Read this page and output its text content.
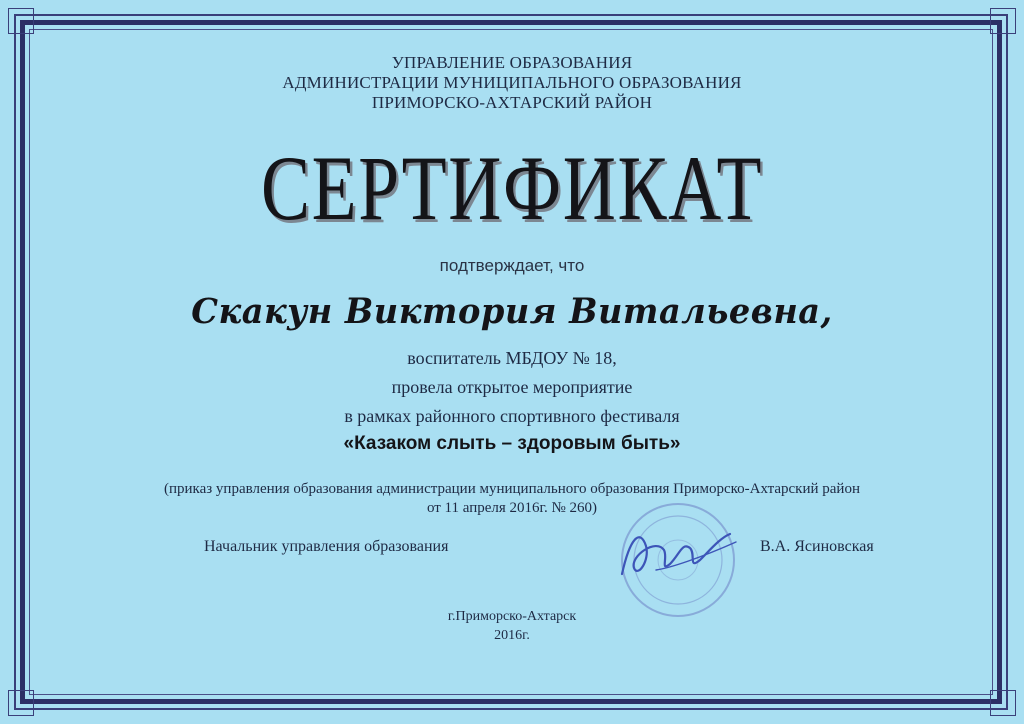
УПРАВЛЕНИЕ ОБРАЗОВАНИЯ
АДМИНИСТРАЦИИ МУНИЦИПАЛЬНОГО ОБРАЗОВАНИЯ
ПРИМОРСКО-АХТАРСКИЙ РАЙОН
СЕРТИФИКАТ
подтверждает, что
Скакун Виктория Витальевна,
воспитатель МБДОУ № 18,
провела открытое мероприятие
в рамках районного спортивного фестиваля
«Казаком слыть – здоровым быть»
(приказ управления образования администрации муниципального образования Приморско-Ахтарский район
от 11 апреля 2016г. № 260)
Начальник управления образования	В.А. Ясиновская
г.Приморско-Ахтарск
2016г.
